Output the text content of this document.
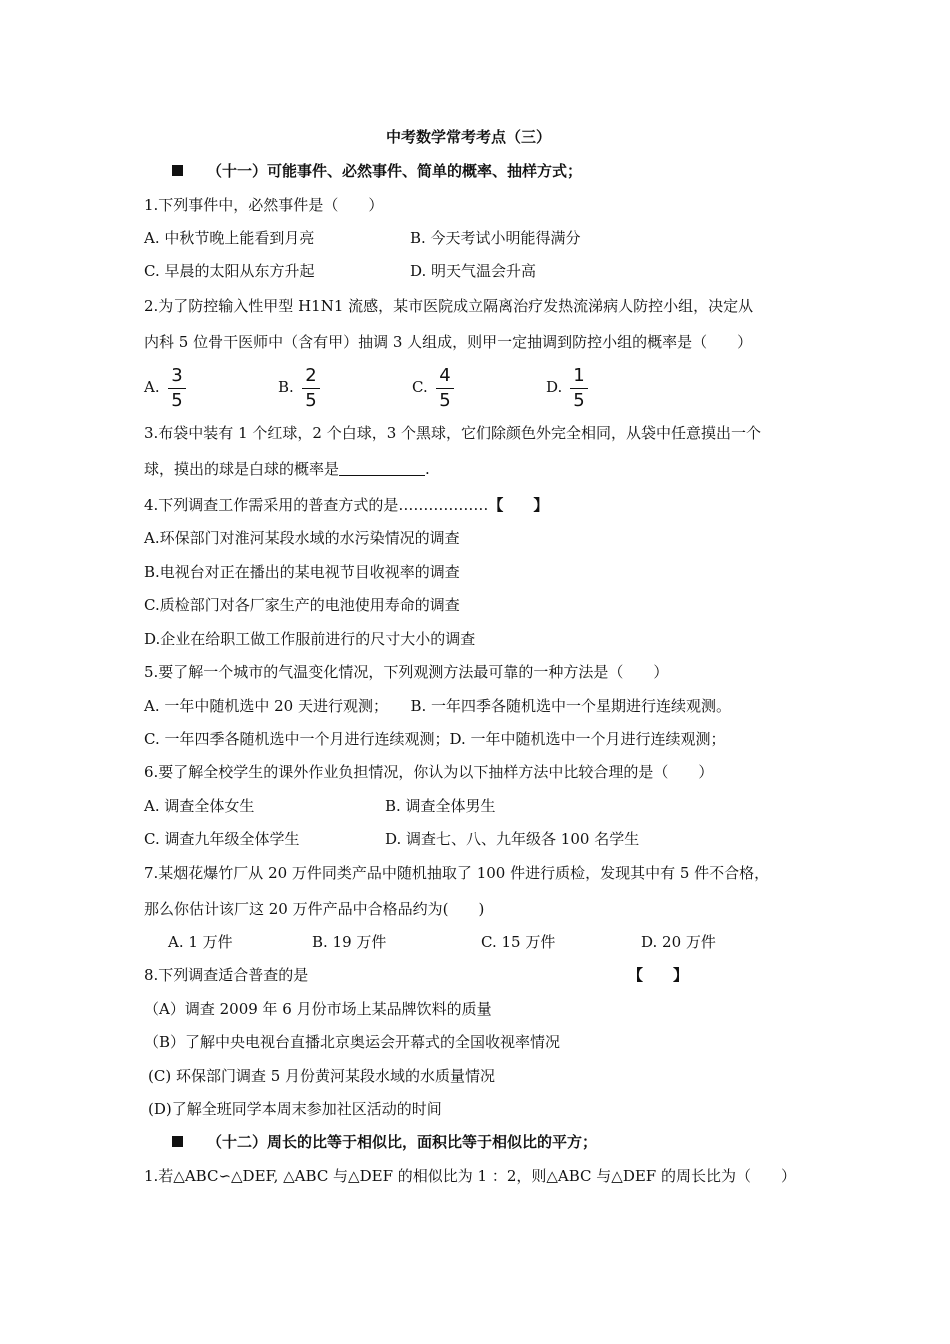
中考数学常考考点（三）
（十一）可能事件、必然事件、简单的概率、抽样方式；
1.下列事件中，必然事件是（　　）
A. 中秋节晚上能看到月亮	B. 今天考试小明能得满分
C. 早晨的太阳从东方升起	D. 明天气温会升高
2.为了防控输入性甲型 H1N1 流感，某市医院成立隔离治疗发热流涕病人防控小组，决定从
内科 5 位骨干医师中（含有甲）抽调 3 人组成，则甲一定抽调到防控小组的概率是（　　）
A.
3
5
B.
2
5
C.
4
5
D.
1
5
3.布袋中装有 1 个红球，2 个白球，3 个黑球，它们除颜色外完全相同，从袋中任意摸出一个
球，摸出的球是白球的概率是	.
4.下列调查工作需采用的普查方式的是………………【　　】
A.环保部门对淮河某段水域的水污染情况的调查
B.电视台对正在播出的某电视节目收视率的调查
C.质检部门对各厂家生产的电池使用寿命的调查
D.企业在给职工做工作服前进行的尺寸大小的调查
5.要了解一个城市的气温变化情况，下列观测方法最可靠的一种方法是（　　）
A. 一年中随机选中 20 天进行观测；　　B. 一年四季各随机选中一个星期进行连续观测。
C. 一年四季各随机选中一个月进行连续观测；D. 一年中随机选中一个月进行连续观测；
6.要了解全校学生的课外作业负担情况，你认为以下抽样方法中比较合理的是（　　）
A. 调查全体女生	B. 调查全体男生
C. 调查九年级全体学生	D. 调查七、八、九年级各 100 名学生
7.某烟花爆竹厂从 20 万件同类产品中随机抽取了 100 件进行质检，发现其中有 5 件不合格，
那么你估计该厂这 20 万件产品中合格品约为(　　)
A. 1 万件	B. 19 万件	C. 15 万件	D. 20 万件
8.下列调查适合普查的是	【　　】
（A）调查 2009 年 6 月份市场上某品牌饮料的质量
（B）了解中央电视台直播北京奥运会开幕式的全国收视率情况
(C) 环保部门调查 5 月份黄河某段水域的水质量情况
(D)了解全班同学本周末参加社区活动的时间
（十二）周长的比等于相似比，面积比等于相似比的平方；
1.若△ABC∽△DEF, △ABC 与△DEF 的相似比为 1 ：2，则△ABC 与△DEF 的周长比为（　　）
